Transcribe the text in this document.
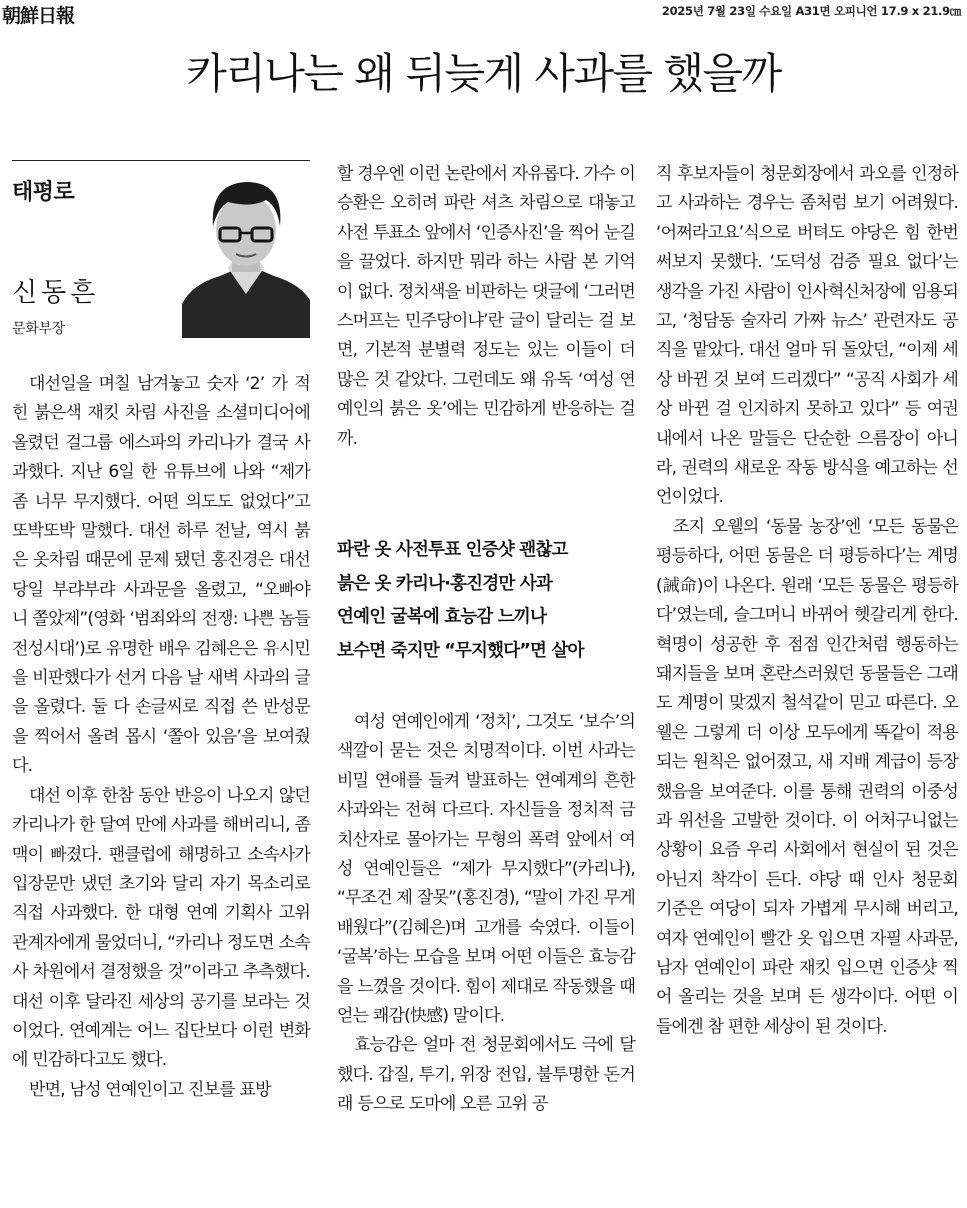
朝鮮日報	2025년 7월 23일 수요일 A31면 오피니언 17.9 x 21.9㎝
카리나는 왜 뒤늦게 사과를 했을까
태평로
신동흔
문화부장

대선일을 며칠 남겨놓고 숫자 ‘2’ 가 적힌 붉은색 재킷 차림 사진을 소셜미디어에 올렸던 걸그룹 에스파의 카리나가 결국 사과했다. 지난 6일 한 유튜브에 나와 “제가 좀 너무 무지했다. 어떤 의도도 없었다”고 또박또박 말했다. 대선 하루 전날, 역시 붉은 옷차림 때문에 문제 됐던 홍진경은 대선 당일 부랴부랴 사과문을 올렸고, “오빠야 니 쫄았제”(영화 ‘범죄와의 전쟁: 나쁜 놈들 전성시대’)로 유명한 배우 김혜은은 유시민을 비판했다가 선거 다음 날 새벽 사과의 글을 올렸다. 둘 다 손글씨로 직접 쓴 반성문을 찍어서 올려 몹시 ‘쫄아 있음’을 보여줬다.

대선 이후 한참 동안 반응이 나오지 않던 카리나가 한 달여 만에 사과를 해버리니, 좀 맥이 빠졌다. 팬클럽에 해명하고 소속사가 입장문만 냈던 초기와 달리 자기 목소리로 직접 사과했다. 한 대형 연예 기획사 고위 관계자에게 물었더니, “카리나 정도면 소속사 차원에서 결정했을 것”이라고 추측했다. 대선 이후 달라진 세상의 공기를 보라는 것이었다. 연예계는 어느 집단보다 이런 변화에 민감하다고도 했다.

반면, 남성 연예인이고 진보를 표방

할 경우엔 이런 논란에서 자유롭다. 가수 이승환은 오히려 파란 셔츠 차림으로 대놓고 사전 투표소 앞에서 ‘인증사진’을 찍어 눈길을 끌었다. 하지만 뭐라 하는 사람 본 기억이 없다. 정치색을 비판하는 댓글에 ‘그러면 스머프는 민주당이냐’란 글이 달리는 걸 보면, 기본적 분별력 정도는 있는 이들이 더 많은 것 같았다. 그런데도 왜 유독 ‘여성 연예인의 붉은 옷’에는 민감하게 반응하는 걸까.

파란 옷 사전투표 인증샷 괜찮고
붉은 옷 카리나·홍진경만 사과
연예인 굴복에 효능감 느끼나
보수면 죽지만 “무지했다”면 살아

여성 연예인에게 ‘정치’, 그것도 ‘보수’의 색깔이 묻는 것은 치명적이다. 이번 사과는 비밀 연애를 들켜 발표하는 연예계의 흔한 사과와는 전혀 다르다. 자신들을 정치적 금치산자로 몰아가는 무형의 폭력 앞에서 여성 연예인들은 “제가 무지했다”(카리나), “무조건 제 잘못”(홍진경), “말이 가진 무게 배웠다”(김혜은)며 고개를 숙였다. 이들이 ‘굴복’하는 모습을 보며 어떤 이들은 효능감을 느꼈을 것이다. 힘이 제대로 작동했을 때 얻는 쾌감(快感) 말이다.

효능감은 얼마 전 청문회에서도 극에 달했다. 갑질, 투기, 위장 전입, 불투명한 돈거래 등으로 도마에 오른 고위 공

직 후보자들이 청문회장에서 과오를 인정하고 사과하는 경우는 좀처럼 보기 어려웠다. ‘어쩌라고요’식으로 버텨도 야당은 힘 한번 써보지 못했다. ‘도덕성 검증 필요 없다’는 생각을 가진 사람이 인사혁신처장에 임용되고, ‘청담동 술자리 가짜 뉴스’ 관련자도 공직을 맡았다. 대선 얼마 뒤 돌았던, “이제 세상 바뀐 것 보여 드리겠다” “공직 사회가 세상 바뀐 걸 인지하지 못하고 있다” 등 여권 내에서 나온 말들은 단순한 으름장이 아니라, 권력의 새로운 작동 방식을 예고하는 선언이었다.

조지 오웰의 ‘동물 농장’엔 ‘모든 동물은 평등하다, 어떤 동물은 더 평등하다’는 계명(誡命)이 나온다. 원래 ‘모든 동물은 평등하다’였는데, 슬그머니 바뀌어 헷갈리게 한다. 혁명이 성공한 후 점점 인간처럼 행동하는 돼지들을 보며 혼란스러웠던 동물들은 그래도 계명이 맞겠지 철석같이 믿고 따른다. 오웰은 그렇게 더 이상 모두에게 똑같이 적용되는 원칙은 없어졌고, 새 지배 계급이 등장했음을 보여준다. 이를 통해 권력의 이중성과 위선을 고발한 것이다. 이 어처구니없는 상황이 요즘 우리 사회에서 현실이 된 것은 아닌지 착각이 든다. 야당 때 인사 청문회 기준은 여당이 되자 가볍게 무시해 버리고, 여자 연예인이 빨간 옷 입으면 자필 사과문, 남자 연예인이 파란 재킷 입으면 인증샷 찍어 올리는 것을 보며 든 생각이다. 어떤 이들에겐 참 편한 세상이 된 것이다.
